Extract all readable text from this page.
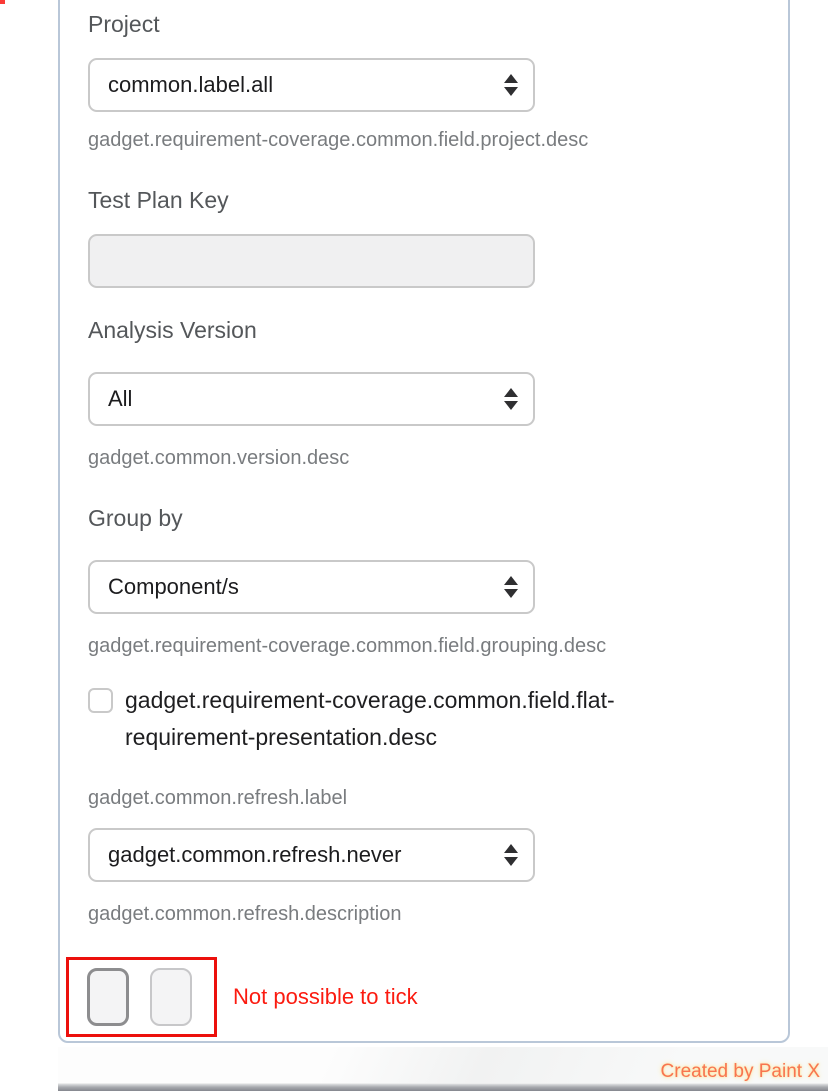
Project

common.label.all

gadget.requirement-coverage.common.field.project.desc

Test Plan Key

Analysis Version

All

gadget.common.version.desc

Group by

Component/s

gadget.requirement-coverage.common.field.grouping.desc

gadget.requirement-coverage.common.field.flat-requirement-presentation.desc

gadget.common.refresh.label

gadget.common.refresh.never

gadget.common.refresh.description

Not possible to tick
Created by Paint X
